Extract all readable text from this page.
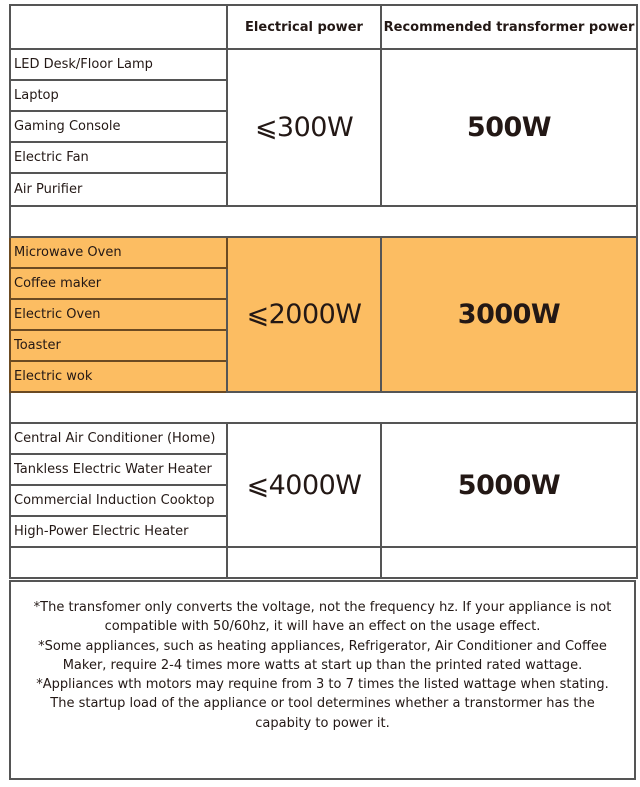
	Electrical power	Recommended transformer power
LED Desk/Floor Lamp	⩽300W	500W
Laptop		
Gaming Console		
Electric Fan		
Air Purifier		

Microwave Oven	⩽2000W	3000W
Coffee maker		
Electric Oven		
Toaster		
Electric wok		

Central Air Conditioner (Home)	⩽4000W	5000W
Tankless Electric Water Heater		
Commercial Induction Cooktop		
High-Power Electric Heater		

*The transfomer only converts the voltage, not the frequency hz. If your appliance is not compatible with 50/60hz, it will have an effect on the usage effect.

*Some appliances, such as heating appliances, Refrigerator, Air Conditioner and Coffee Maker, require 2-4 times more watts at start up than the printed rated wattage.

*Appliances wth motors may requine from 3 to 7 times the listed wattage when stating. The startup load of the appliance or tool determines whether a transtormer has the capabity to power it.
